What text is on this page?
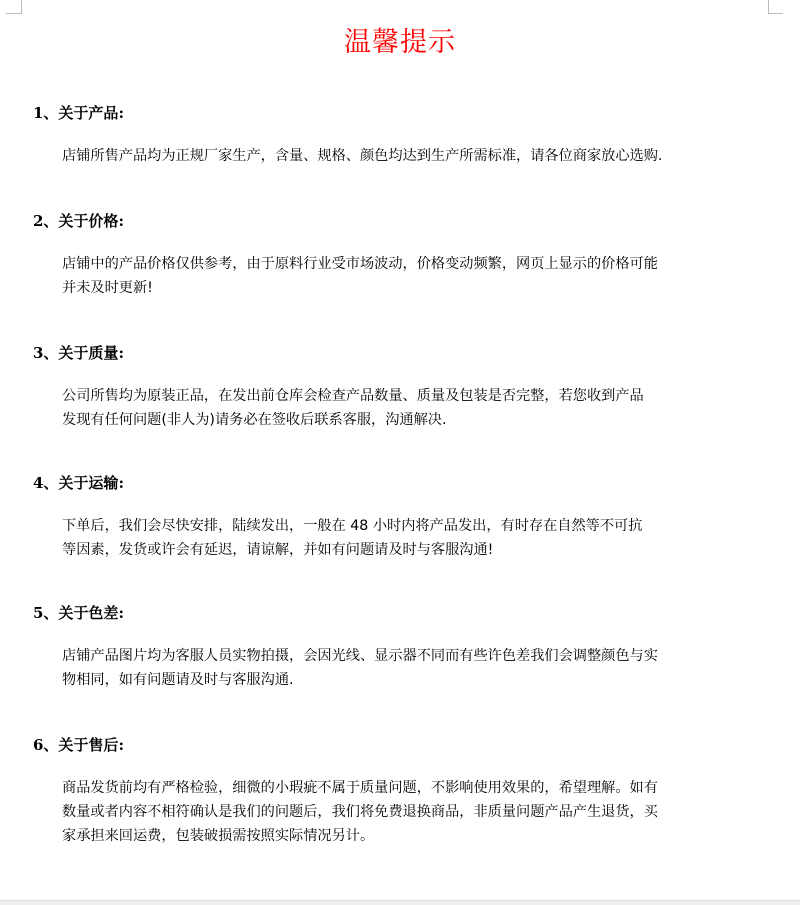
温馨提示
1、关于产品:
店铺所售产品均为正规厂家生产，含量、规格、颜色均达到生产所需标准，请各位商家放心选购.
2、关于价格:
店铺中的产品价格仅供参考，由于原料行业受市场波动，价格变动频繁，网页上显示的价格可能
并未及时更新!
3、关于质量:
公司所售均为原装正品，在发出前仓库会检查产品数量、质量及包装是否完整，若您收到产品
发现有任何问题(非人为)请务必在签收后联系客服，沟通解决.
4、关于运输:
下单后，我们会尽快安排，陆续发出，一般在 48 小时内将产品发出，有时存在自然等不可抗
等因素，发货或许会有延迟，请谅解，并如有问题请及时与客服沟通!
5、关于色差:
店铺产品图片均为客服人员实物拍摄，会因光线、显示器不同而有些许色差我们会调整颜色与实
物相同，如有问题请及时与客服沟通.
6、关于售后:
商品发货前均有严格检验，细微的小瑕疵不属于质量问题，不影响使用效果的，希望理解。如有
数量或者内容不相符确认是我们的问题后，我们将免费退换商品，非质量问题产品产生退货，买
家承担来回运费，包装破损需按照实际情况另计。
